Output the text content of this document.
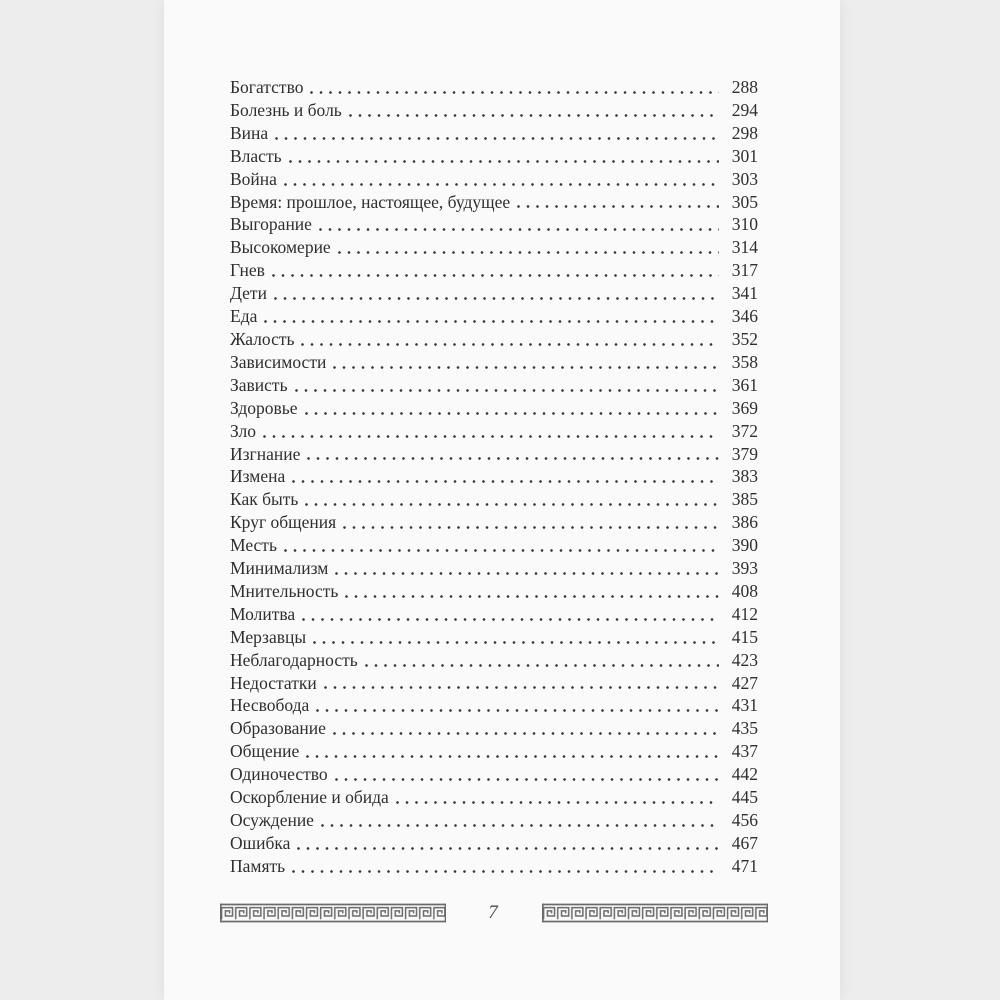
Богатство	288
Болезнь и боль	294
Вина	298
Власть	301
Война	303
Время: прошлое, настоящее, будущее	305
Выгорание	310
Высокомерие	314
Гнев	317
Дети	341
Еда	346
Жалость	352
Зависимости	358
Зависть	361
Здоровье	369
Зло	372
Изгнание	379
Измена	383
Как быть	385
Круг общения	386
Месть	390
Минимализм	393
Мнительность	408
Молитва	412
Мерзавцы	415
Неблагодарность	423
Недостатки	427
Несвобода	431
Образование	435
Общение	437
Одиночество	442
Оскорбление и обида	445
Осуждение	456
Ошибка	467
Память	471
7
